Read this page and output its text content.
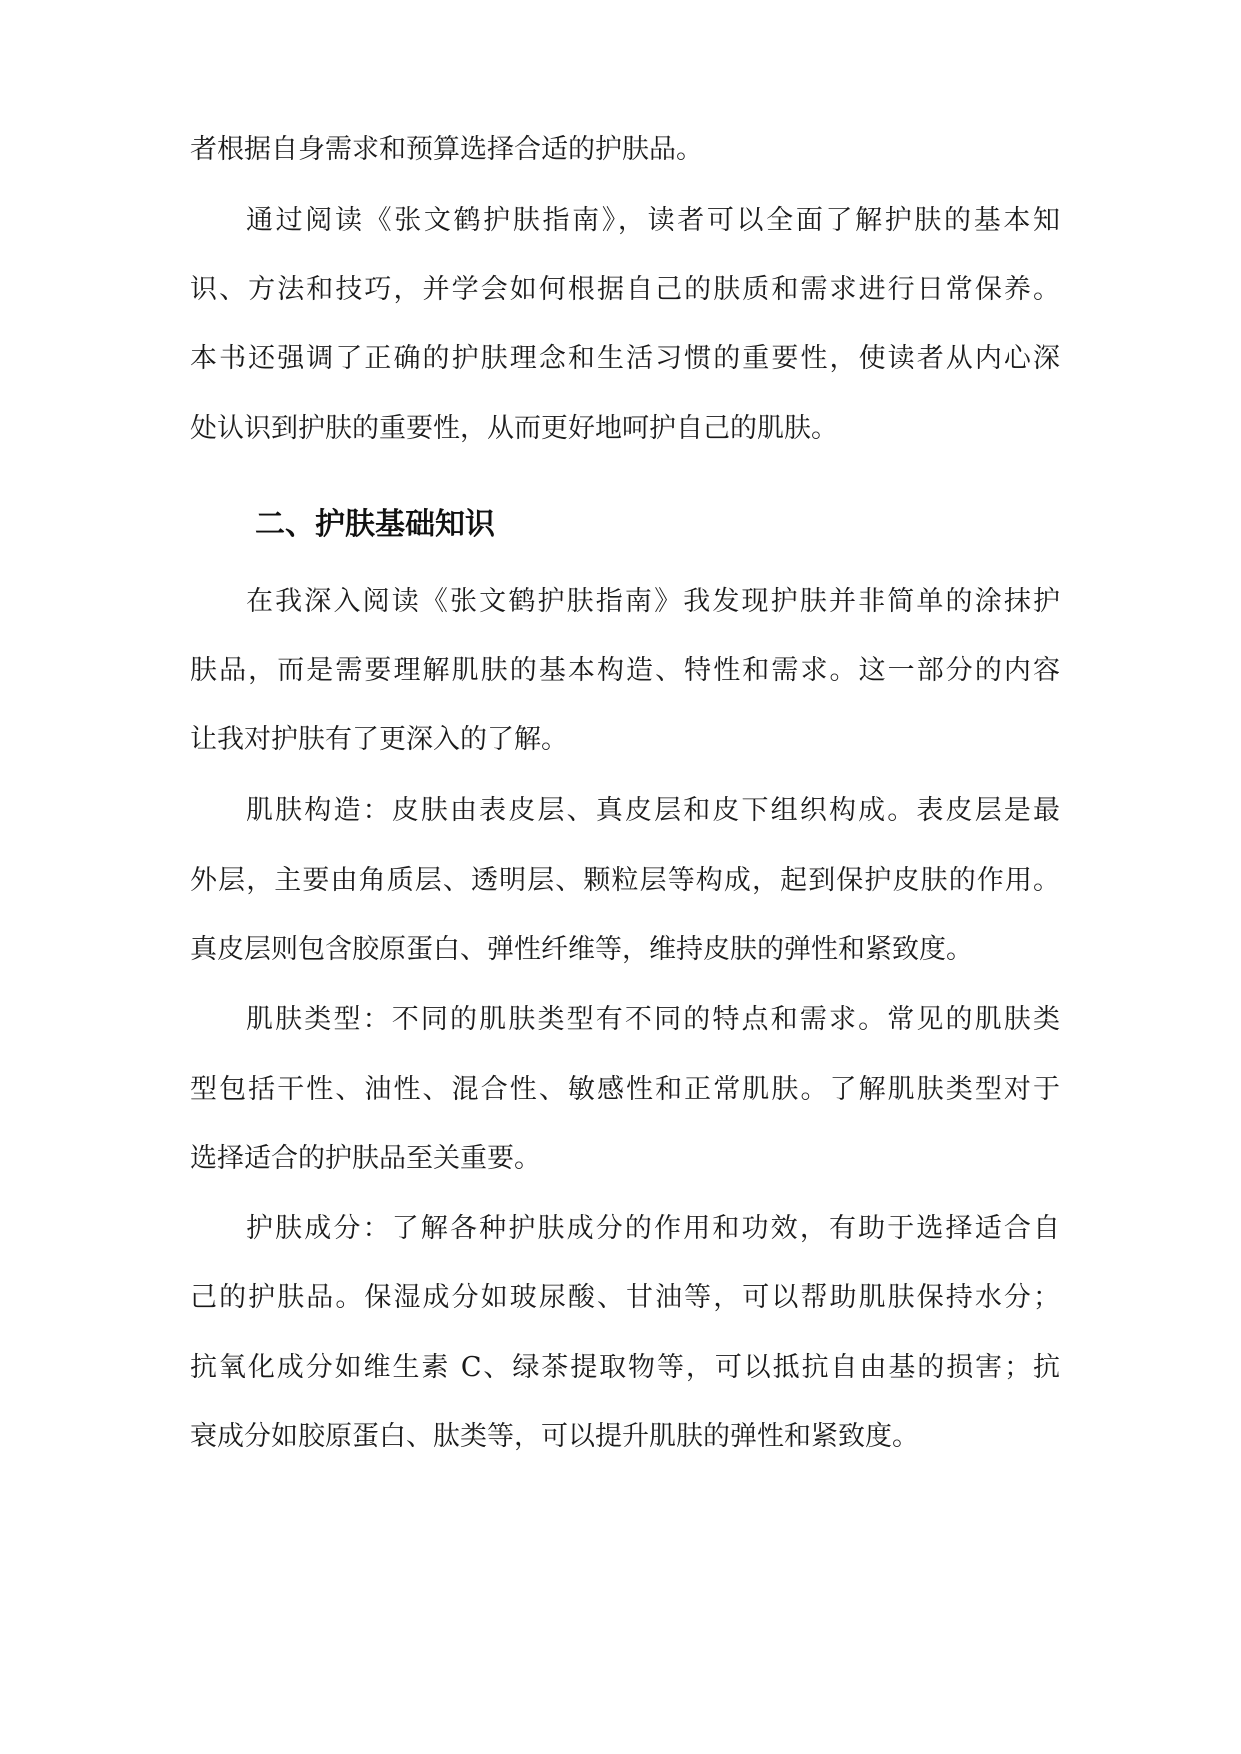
者根据自身需求和预算选择合适的护肤品。

通过阅读《张文鹤护肤指南》，读者可以全面了解护肤的基本知

识、方法和技巧，并学会如何根据自己的肤质和需求进行日常保养。

本书还强调了正确的护肤理念和生活习惯的重要性，使读者从内心深

处认识到护肤的重要性，从而更好地呵护自己的肌肤。

二、护肤基础知识

在我深入阅读《张文鹤护肤指南》我发现护肤并非简单的涂抹护

肤品，而是需要理解肌肤的基本构造、特性和需求。这一部分的内容

让我对护肤有了更深入的了解。

肌肤构造：皮肤由表皮层、真皮层和皮下组织构成。表皮层是最

外层，主要由角质层、透明层、颗粒层等构成，起到保护皮肤的作用。

真皮层则包含胶原蛋白、弹性纤维等，维持皮肤的弹性和紧致度。

肌肤类型：不同的肌肤类型有不同的特点和需求。常见的肌肤类

型包括干性、油性、混合性、敏感性和正常肌肤。了解肌肤类型对于

选择适合的护肤品至关重要。

护肤成分：了解各种护肤成分的作用和功效，有助于选择适合自

己的护肤品。保湿成分如玻尿酸、甘油等，可以帮助肌肤保持水分；

抗氧化成分如维生素 C、绿茶提取物等，可以抵抗自由基的损害；抗

衰成分如胶原蛋白、肽类等，可以提升肌肤的弹性和紧致度。
